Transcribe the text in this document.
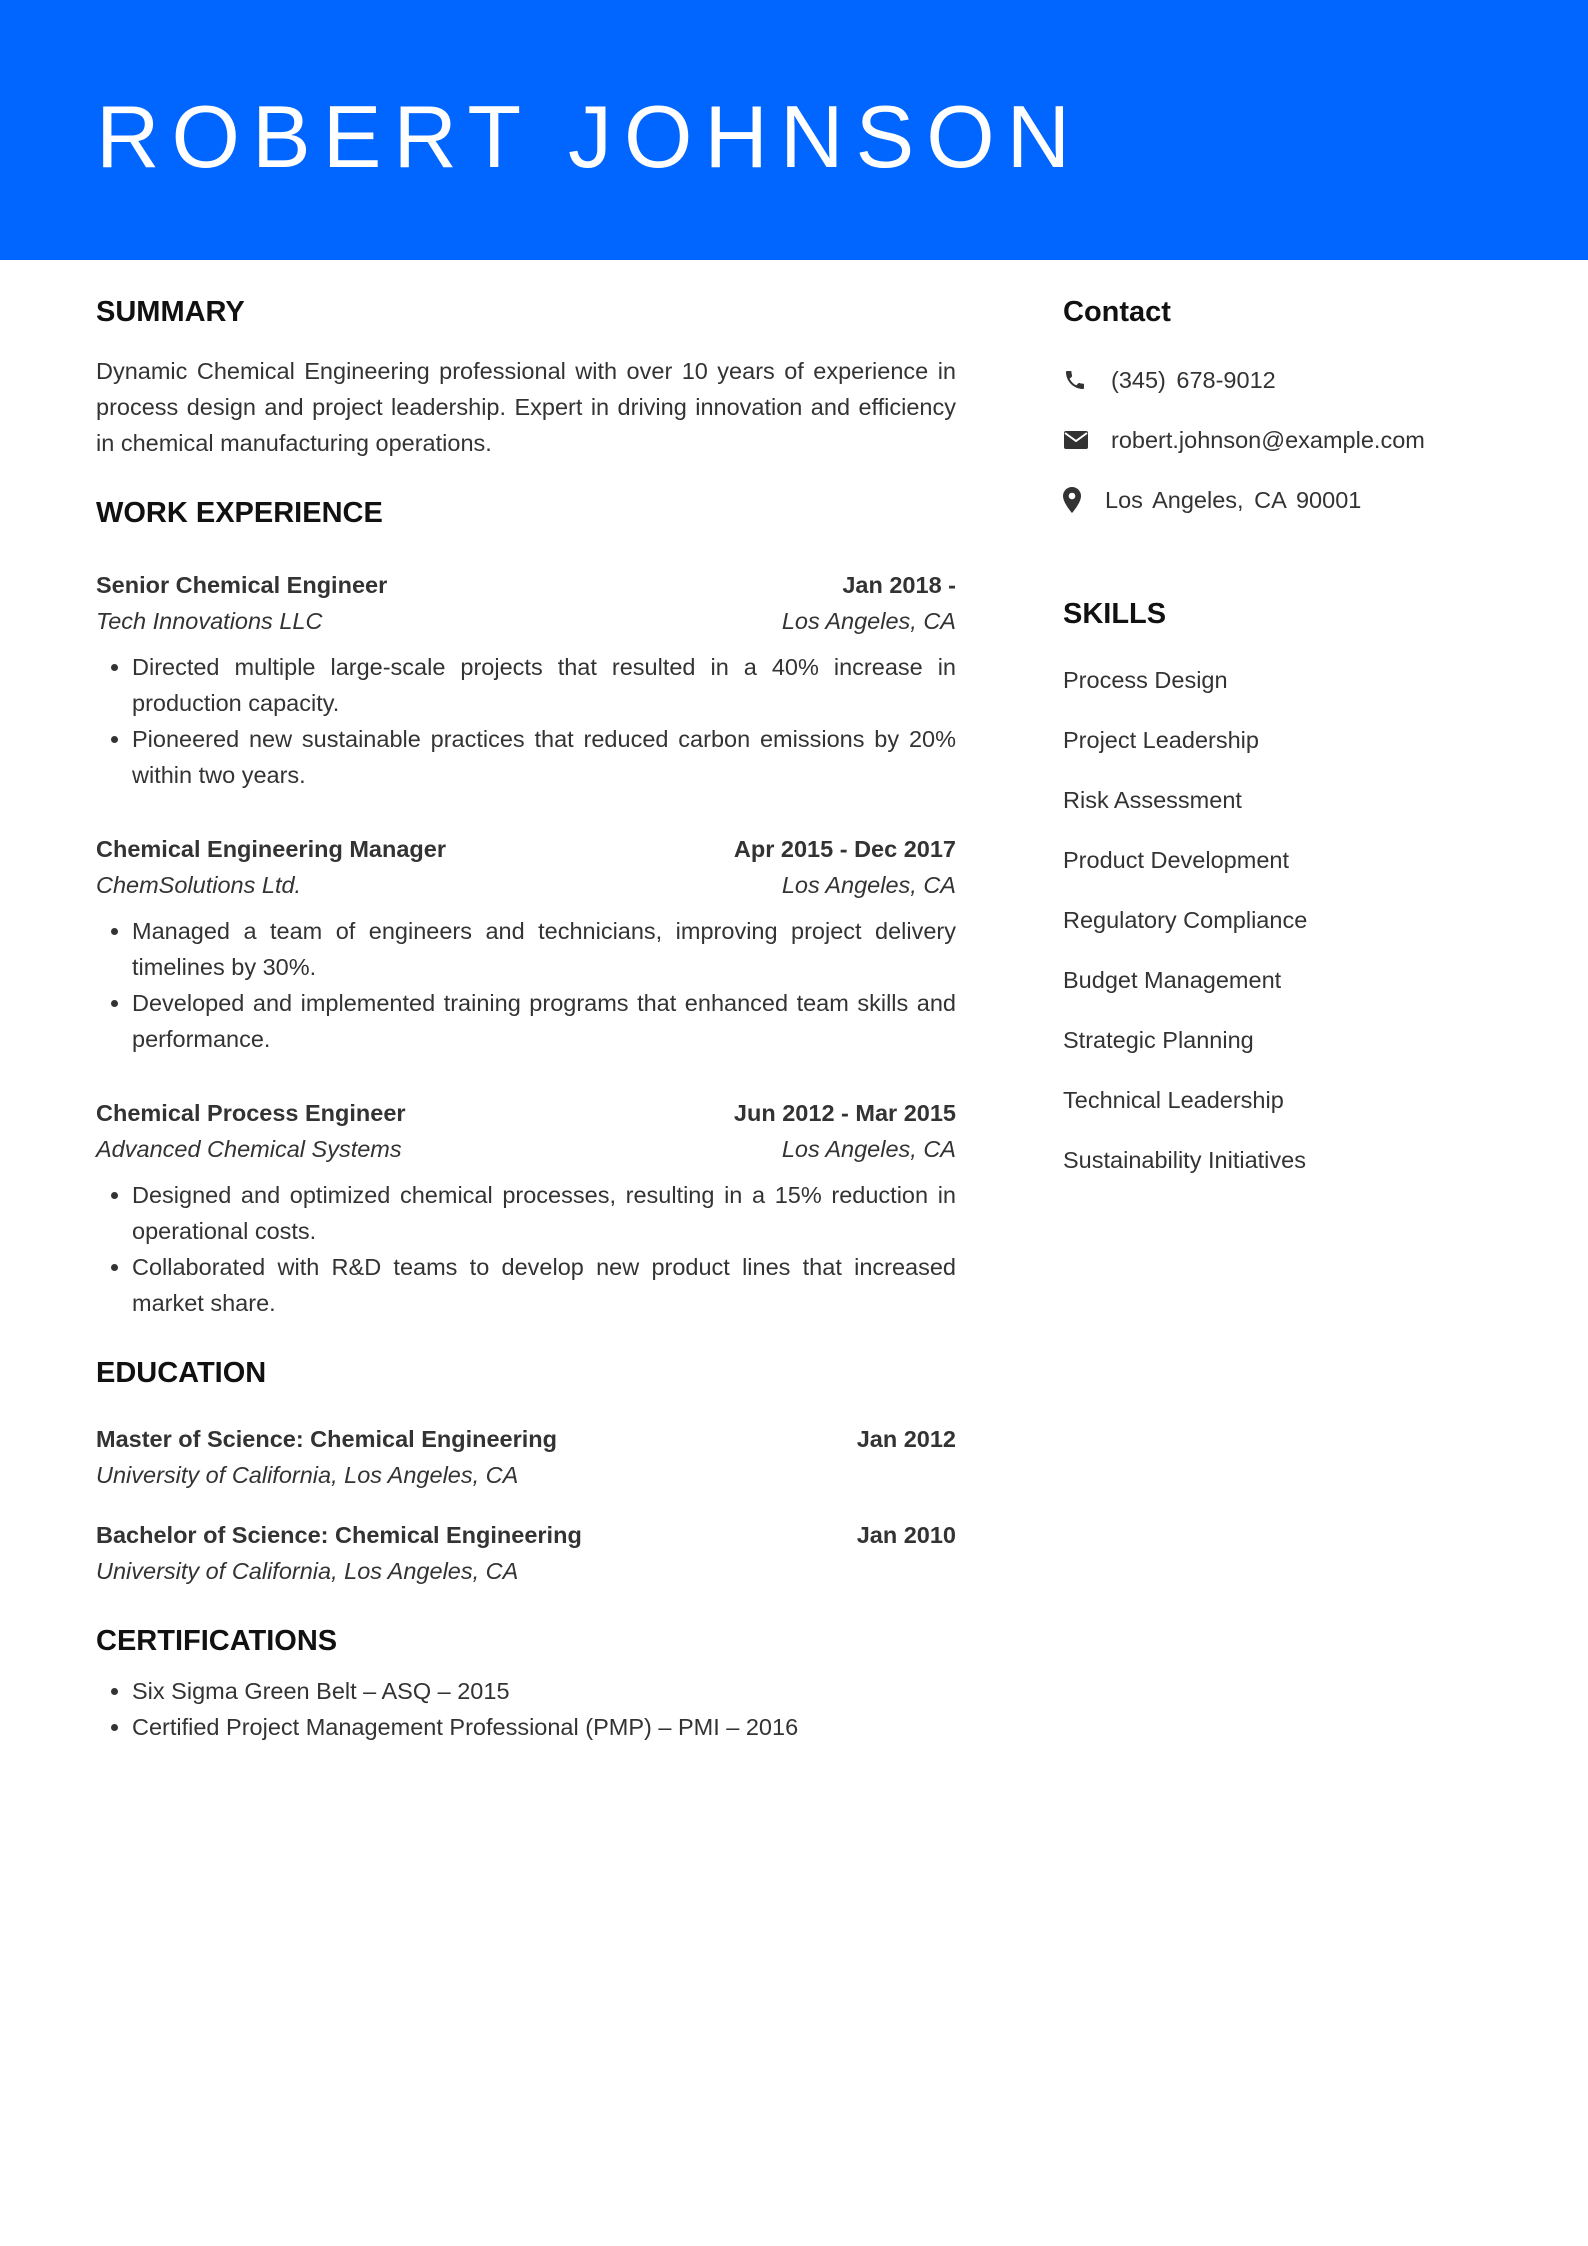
ROBERT JOHNSON
SUMMARY

Dynamic Chemical Engineering professional with over 10 years of experience in process design and project leadership. Expert in driving innovation and efficiency in chemical manufacturing operations.

WORK EXPERIENCE
Senior Chemical Engineer	Jan 2018 -
Tech Innovations LLC	Los Angeles, CA
• Directed multiple large-scale projects that resulted in a 40% increase in production capacity.
• Pioneered new sustainable practices that reduced carbon emissions by 20% within two years.
Chemical Engineering Manager	Apr 2015 - Dec 2017
ChemSolutions Ltd.	Los Angeles, CA
• Managed a team of engineers and technicians, improving project delivery timelines by 30%.
• Developed and implemented training programs that enhanced team skills and performance.
Chemical Process Engineer	Jun 2012 - Mar 2015
Advanced Chemical Systems	Los Angeles, CA
• Designed and optimized chemical processes, resulting in a 15% reduction in operational costs.
• Collaborated with R&D teams to develop new product lines that increased market share.
EDUCATION
Master of Science: Chemical Engineering	Jan 2012
University of California, Los Angeles, CA
Bachelor of Science: Chemical Engineering	Jan 2010
University of California, Los Angeles, CA
CERTIFICATIONS
• Six Sigma Green Belt – ASQ – 2015
• Certified Project Management Professional (PMP) – PMI – 2016
Contact
(345) 678-9012
robert.johnson@example.com
Los Angeles, CA 90001
SKILLS
Process Design
Project Leadership
Risk Assessment
Product Development
Regulatory Compliance
Budget Management
Strategic Planning
Technical Leadership
Sustainability Initiatives
